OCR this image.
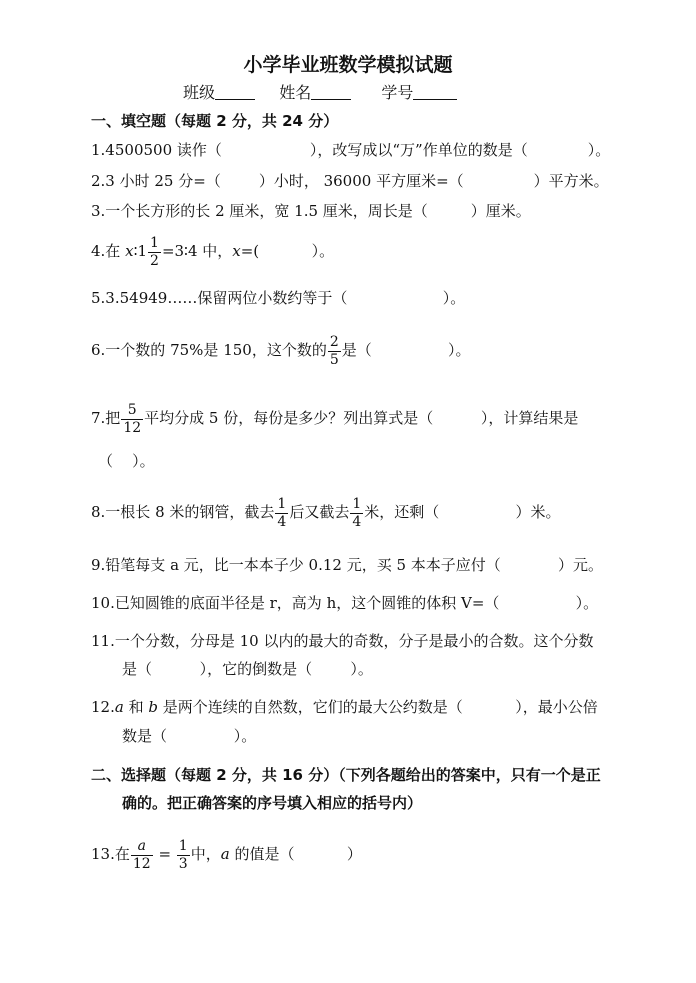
小学毕业班数学模拟试题
班级	姓名	学号
一、填空题（每题 2 分，共 24 分）
1.4500500 读作（	），改写成以“万”作单位的数是（	）。
2.3 小时 25 分=（	）小时， 36000 平方厘米=（	）平方米。
3.一个长方形的长 2 厘米，宽 1.5 厘米，周长是（         ）厘米。
4.在 x∶1 $\frac{1}{2}$ =3∶4 中，x=(           ）。
5.3.54949……保留两位小数约等于（                    ）。
6.一个数的 75%是 150，这个数的 $\frac{2}{5}$ 是（                ）。
7.把 $\frac{5}{12}$ 平均分成 5 份，每份是多少？列出算式是（          ），计算结果是
（    ）。
8.一根长 8 米的钢管，截去 $\frac{1}{4}$ 后又截去 $\frac{1}{4}$ 米，还剩（                ）米。
9.铅笔每支 a 元，比一本本子少 0.12 元，买 5 本本子应付（            ）元。
10.已知圆锥的底面半径是 r，高为 h，这个圆锥的体积 V=（                ）。
11.一个分数，分母是 10 以内的最大的奇数，分子是最小的合数。这个分数
是（          ），它的倒数是（        ）。
12.a 和 b 是两个连续的自然数，它们的最大公约数是（           ），最小公倍
数是（              ）。
二、选择题（每题 2 分，共 16 分）（下列各题给出的答案中，只有一个是正
确的。把正确答案的序号填入相应的括号内）
13.在 $\frac{a}{12} = \frac{1}{3}$ 中，a 的值是（           ）
